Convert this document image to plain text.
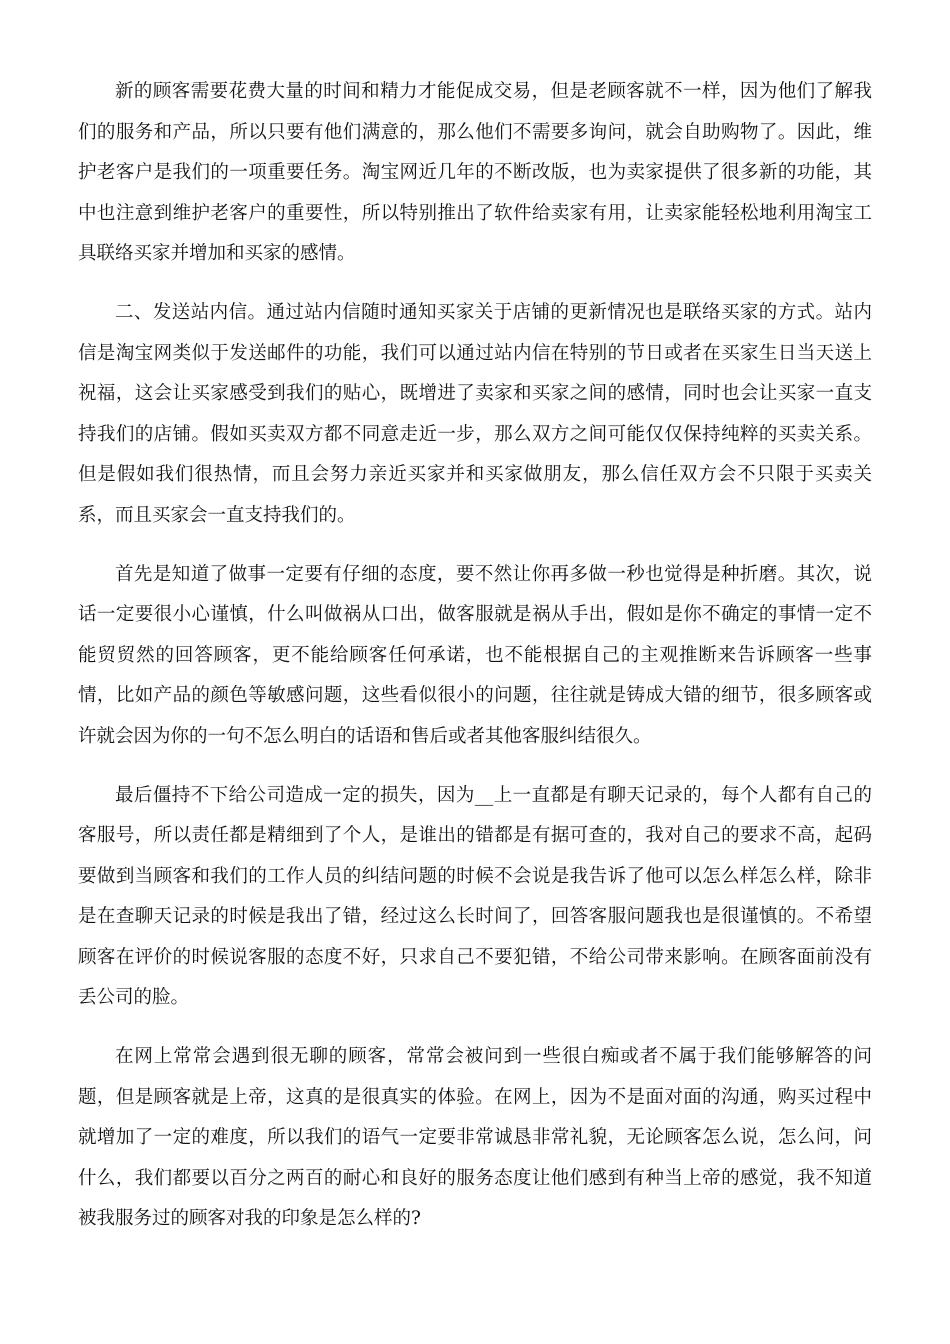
新的顾客需要花费大量的时间和精力才能促成交易，但是老顾客就不一样，因为他们了解我们的服务和产品，所以只要有他们满意的，那么他们不需要多询问，就会自助购物了。因此，维护老客户是我们的一项重要任务。淘宝网近几年的不断改版，也为卖家提供了很多新的功能，其中也注意到维护老客户的重要性，所以特别推出了软件给卖家有用，让卖家能轻松地利用淘宝工具联络买家并增加和买家的感情。

二、发送站内信。通过站内信随时通知买家关于店铺的更新情况也是联络买家的方式。站内信是淘宝网类似于发送邮件的功能，我们可以通过站内信在特别的节日或者在买家生日当天送上祝福，这会让买家感受到我们的贴心，既增进了卖家和买家之间的感情，同时也会让买家一直支持我们的店铺。假如买卖双方都不同意走近一步，那么双方之间可能仅仅保持纯粹的买卖关系。但是假如我们很热情，而且会努力亲近买家并和买家做朋友，那么信任双方会不只限于买卖关系，而且买家会一直支持我们的。

首先是知道了做事一定要有仔细的态度，要不然让你再多做一秒也觉得是种折磨。其次，说话一定要很小心谨慎，什么叫做祸从口出，做客服就是祸从手出，假如是你不确定的事情一定不能贸贸然的回答顾客，更不能给顾客任何承诺，也不能根据自己的主观推断来告诉顾客一些事情，比如产品的颜色等敏感问题，这些看似很小的问题，往往就是铸成大错的细节，很多顾客或许就会因为你的一句不怎么明白的话语和售后或者其他客服纠结很久。

最后僵持不下给公司造成一定的损失，因为__上一直都是有聊天记录的，每个人都有自己的客服号，所以责任都是精细到了个人，是谁出的错都是有据可查的，我对自己的要求不高，起码要做到当顾客和我们的工作人员的纠结问题的时候不会说是我告诉了他可以怎么样怎么样，除非是在查聊天记录的时候是我出了错，经过这么长时间了，回答客服问题我也是很谨慎的。不希望顾客在评价的时候说客服的态度不好，只求自己不要犯错，不给公司带来影响。在顾客面前没有丢公司的脸。

在网上常常会遇到很无聊的顾客，常常会被问到一些很白痴或者不属于我们能够解答的问题，但是顾客就是上帝，这真的是很真实的体验。在网上，因为不是面对面的沟通，购买过程中就增加了一定的难度，所以我们的语气一定要非常诚恳非常礼貌，无论顾客怎么说，怎么问，问什么，我们都要以百分之两百的耐心和良好的服务态度让他们感到有种当上帝的感觉，我不知道被我服务过的顾客对我的印象是怎么样的?
